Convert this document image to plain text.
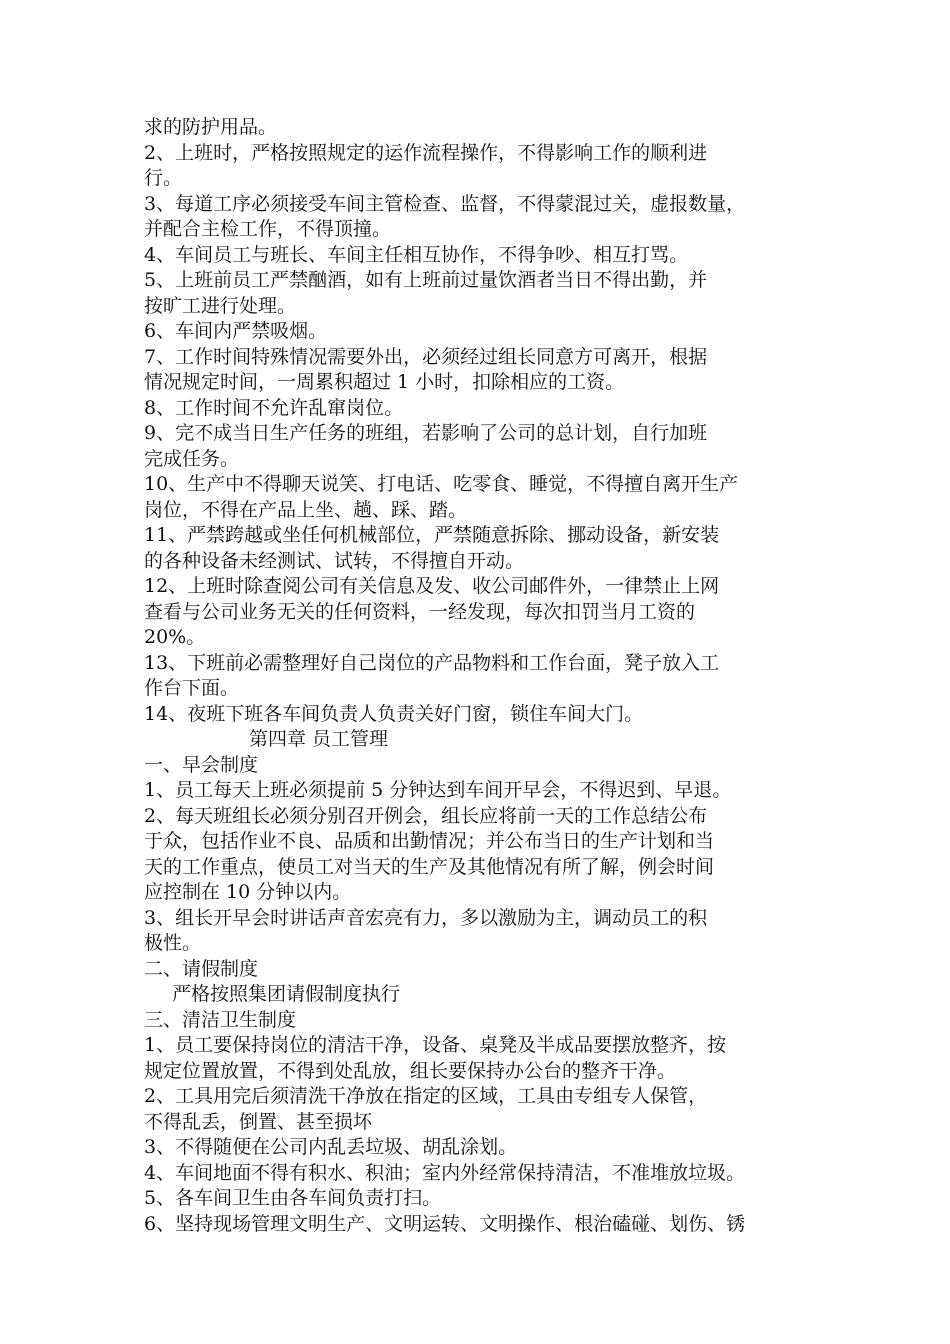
求的防护用品。
2、上班时，严格按照规定的运作流程操作，不得影响工作的顺利进
行。
3、每道工序必须接受车间主管检查、监督，不得蒙混过关，虚报数量，
并配合主检工作，不得顶撞。
4、车间员工与班长、车间主任相互协作，不得争吵、相互打骂。
5、上班前员工严禁酗酒，如有上班前过量饮酒者当日不得出勤，并
按旷工进行处理。
6、车间内严禁吸烟。
7、工作时间特殊情况需要外出，必须经过组长同意方可离开，根据
情况规定时间，一周累积超过 1 小时，扣除相应的工资。
8、工作时间不允许乱窜岗位。
9、完不成当日生产任务的班组，若影响了公司的总计划，自行加班
完成任务。
10、生产中不得聊天说笑、打电话、吃零食、睡觉，不得擅自离开生产
岗位，不得在产品上坐、趟、踩、踏。
11、严禁跨越或坐任何机械部位，严禁随意拆除、挪动设备，新安装
的各种设备未经测试、试转，不得擅自开动。
12、上班时除查阅公司有关信息及发、收公司邮件外，一律禁止上网
查看与公司业务无关的任何资料，一经发现，每次扣罚当月工资的
20%。
13、下班前必需整理好自己岗位的产品物料和工作台面，凳子放入工
作台下面。
14、夜班下班各车间负责人负责关好门窗，锁住车间大门。
第四章 员工管理
一、早会制度
1、员工每天上班必须提前 5 分钟达到车间开早会，不得迟到、早退。
2、每天班组长必须分别召开例会，组长应将前一天的工作总结公布
于众，包括作业不良、品质和出勤情况；并公布当日的生产计划和当
天的工作重点，使员工对当天的生产及其他情况有所了解，例会时间
应控制在 10 分钟以内。
3、组长开早会时讲话声音宏亮有力，多以激励为主，调动员工的积
极性。
二、请假制度
严格按照集团请假制度执行
三、清洁卫生制度
1、员工要保持岗位的清洁干净，设备、桌凳及半成品要摆放整齐，按
规定位置放置，不得到处乱放，组长要保持办公台的整齐干净。
2、工具用完后须清洗干净放在指定的区域，工具由专组专人保管，
不得乱丢，倒置、甚至损坏
3、不得随便在公司内乱丢垃圾、胡乱涂划。
4、车间地面不得有积水、积油；室内外经常保持清洁，不准堆放垃圾。
5、各车间卫生由各车间负责打扫。
6、坚持现场管理文明生产、文明运转、文明操作、根治磕碰、划伤、锈
